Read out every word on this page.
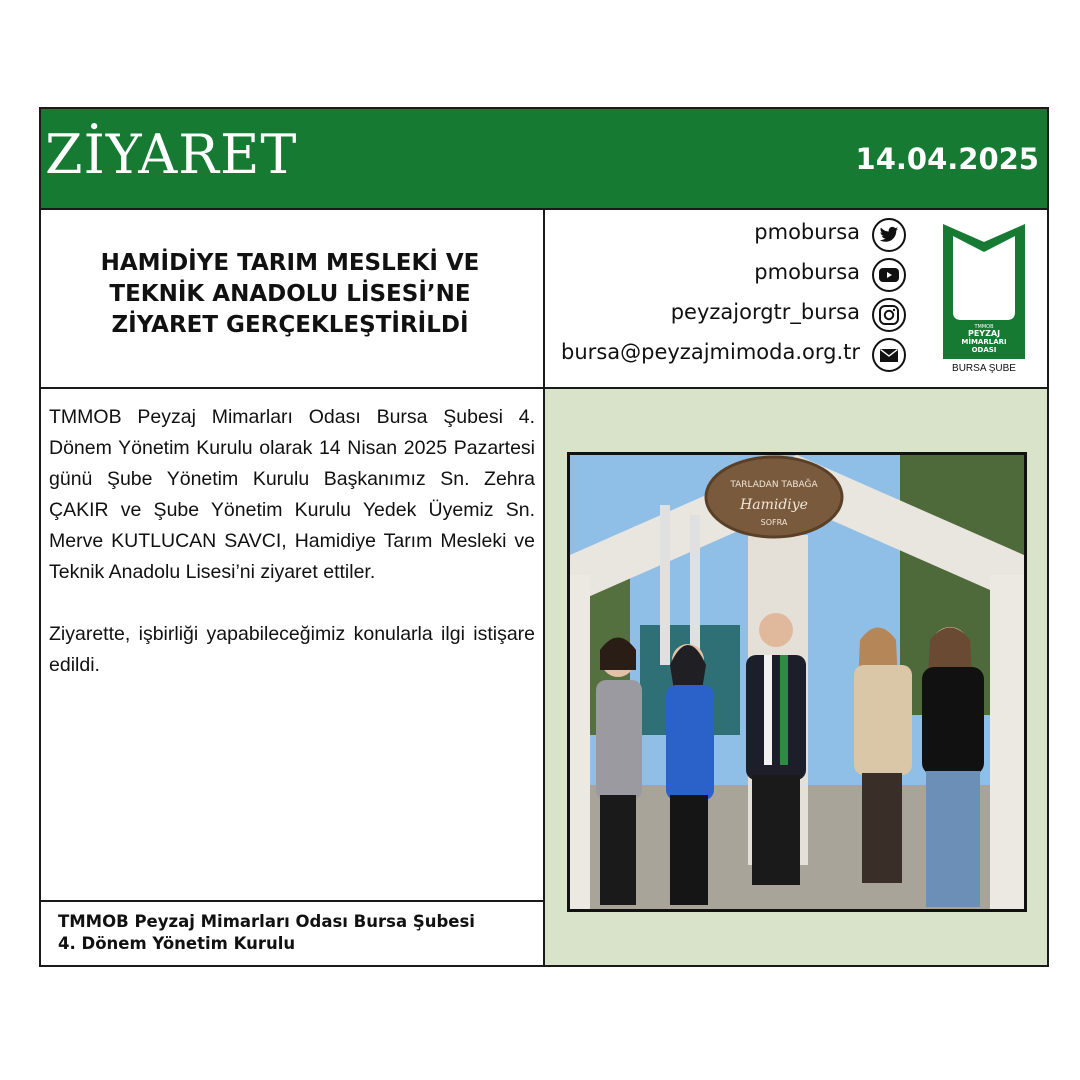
ZİYARET	14.04.2025
HAMİDİYE TARIM MESLEKİ VE
TEKNİK ANADOLU LİSESİ’NE
ZİYARET GERÇEKLEŞTİRİLDİ
pmobursa
pmobursa
peyzajorgtr_bursa
bursa@peyzajmimoda.org.tr
TMMOB
PEYZAJ
MİMARLARI
ODASI
BURSA ŞUBE

TMMOB Peyzaj Mimarları Odası Bursa Şubesi 4. Dönem Yönetim Kurulu olarak 14 Nisan 2025 Pazartesi günü Şube Yönetim Kurulu Başkanımız Sn. Zehra ÇAKIR ve Şube Yönetim Kurulu Yedek Üyemiz Sn. Merve KUTLUCAN SAVCI, Hamidiye Tarım Mesleki ve Teknik Anadolu Lisesi’ni ziyaret ettiler.

Ziyarette, işbirliği yapabileceğimiz konularla ilgi istişare edildi.

TMMOB Peyzaj Mimarları Odası Bursa Şubesi
4. Dönem Yönetim Kurulu
TARLADAN TABAĞA
Hamidiye
SOFRA
